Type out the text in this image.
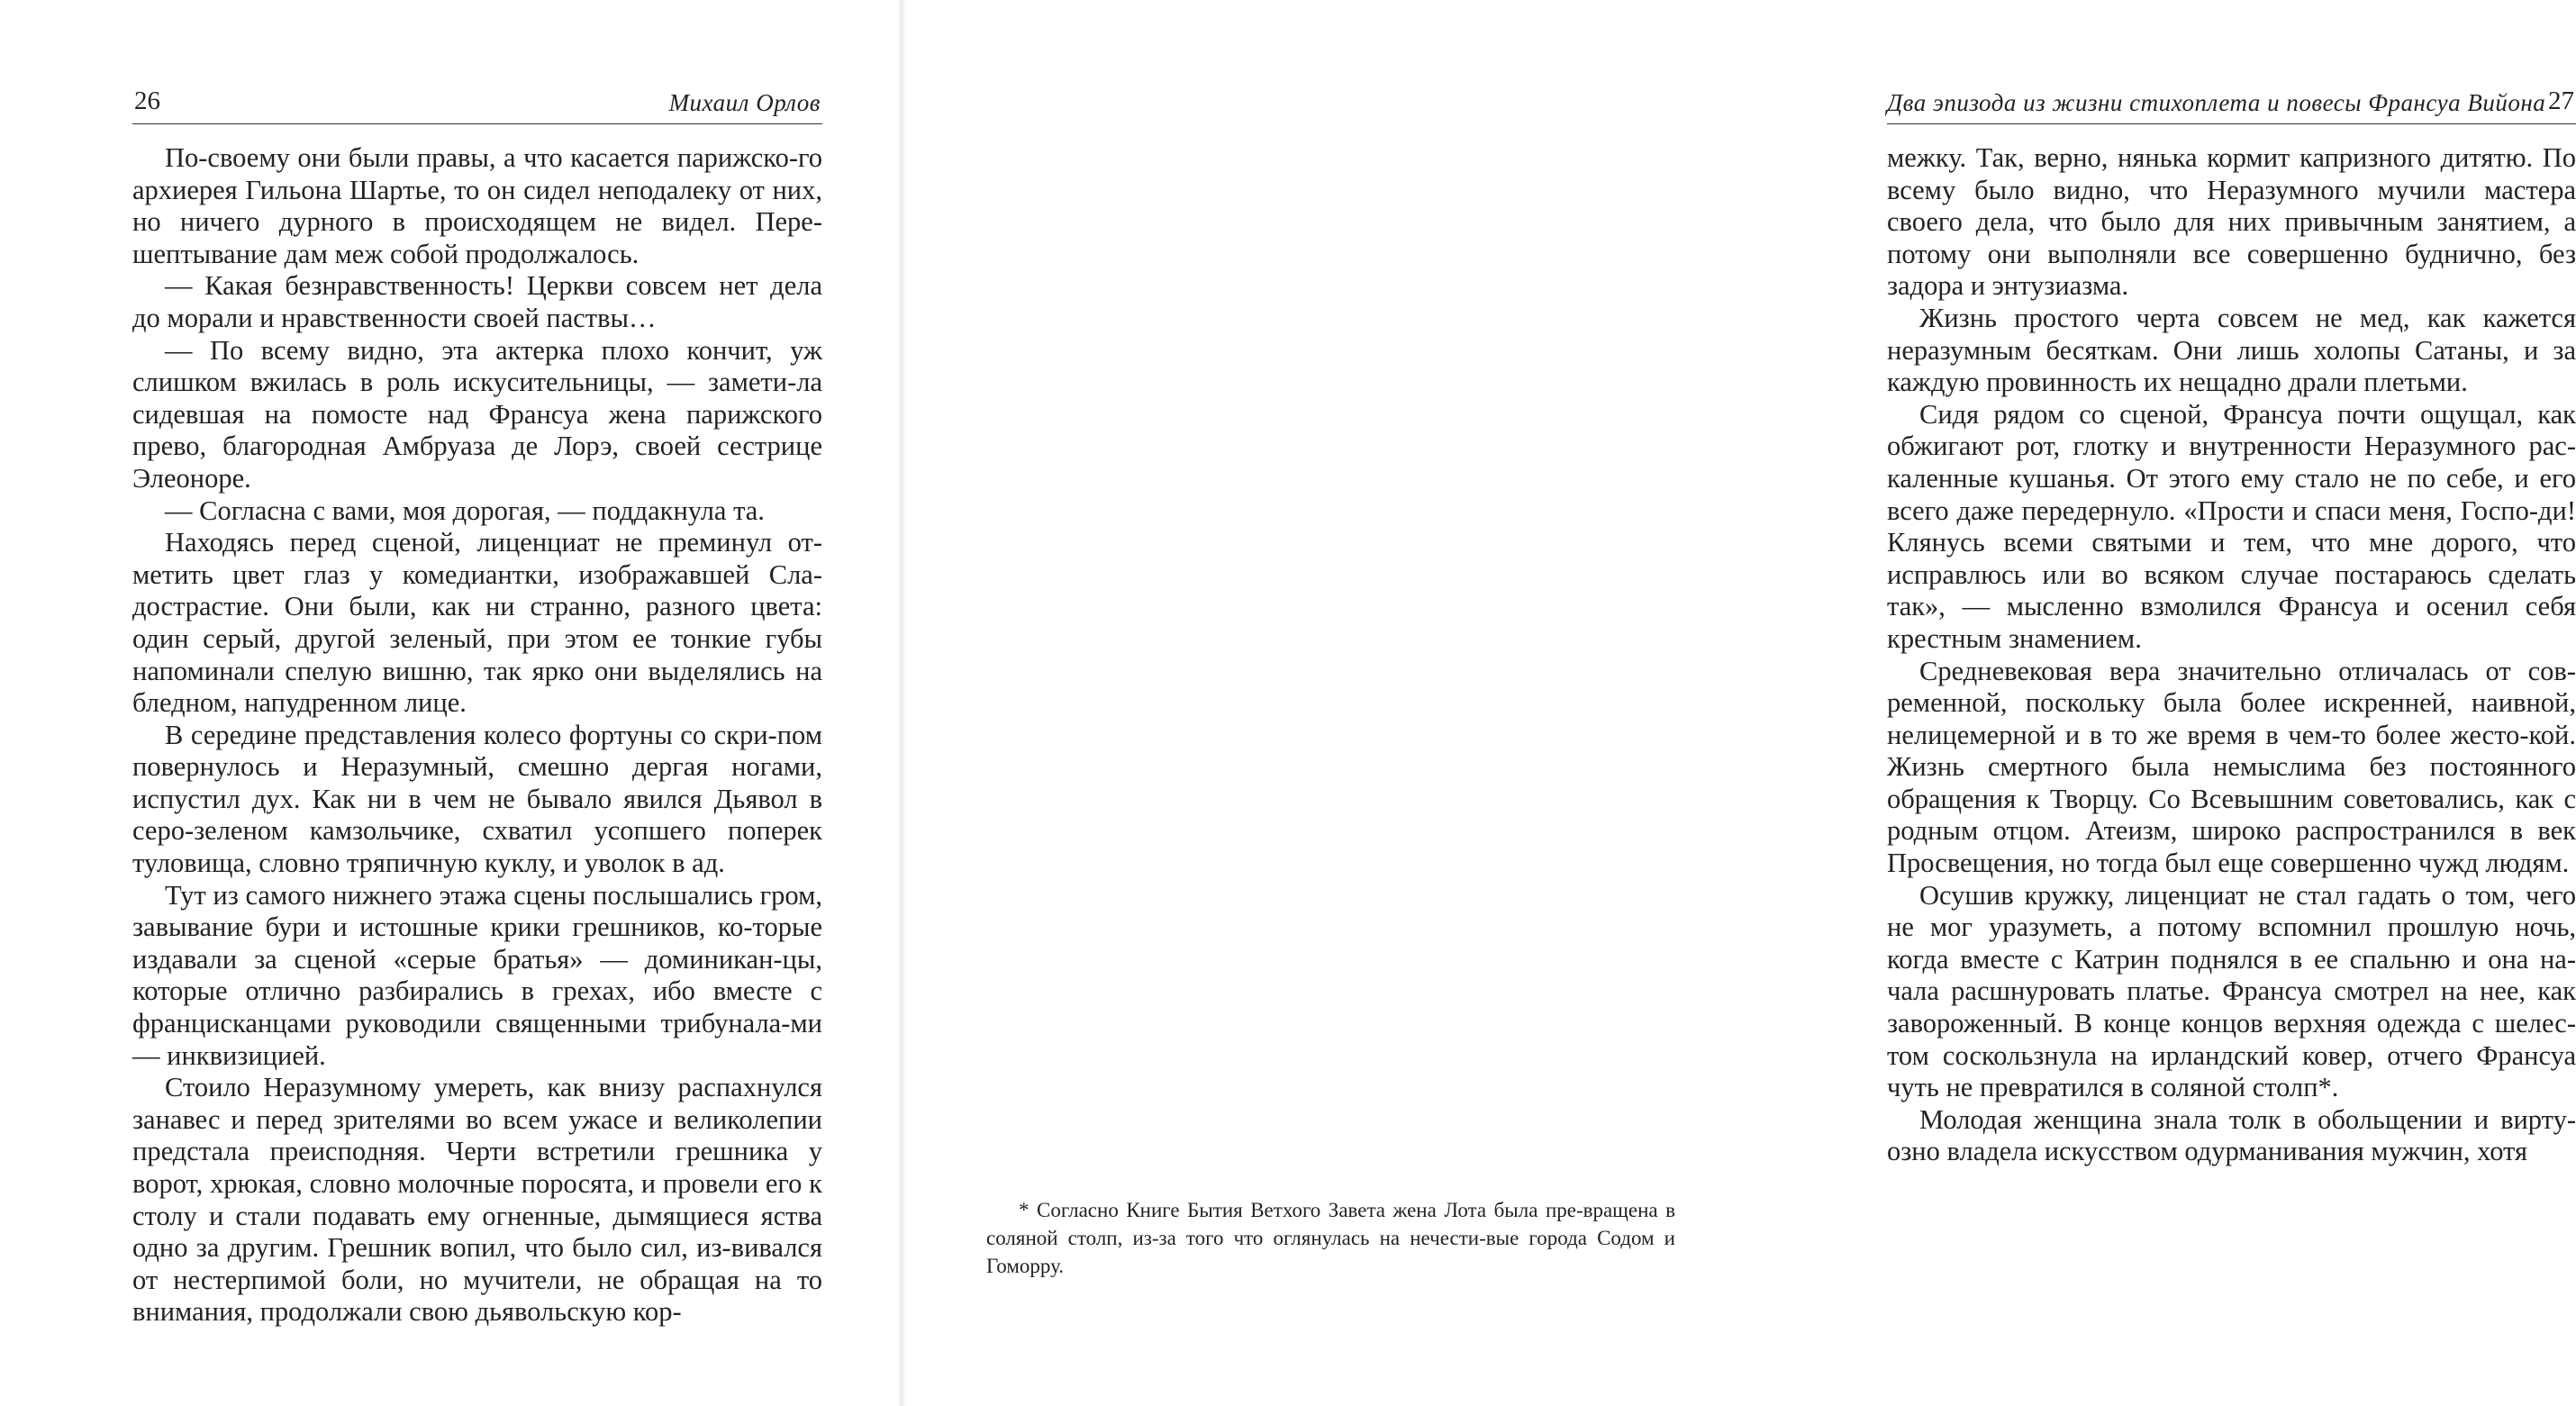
26	Михаил Орлов

По-своему они были правы, а что касается парижско-го архиерея Гильона Шартье, то он сидел неподалеку от них, но ничего дурного в происходящем не видел. Пере-шептывание дам меж собой продолжалось.

— Какая безнравственность! Церкви совсем нет дела до морали и нравственности своей паствы…

— По всему видно, эта актерка плохо кончит, уж слишком вжилась в роль искусительницы, — замети-ла сидевшая на помосте над Франсуа жена парижского прево, благородная Амбруаза де Лорэ, своей сестрице Элеоноре.

— Согласна с вами, моя дорогая, — поддакнула та.

Находясь перед сценой, лиценциат не преминул от-метить цвет глаз у комедиантки, изображавшей Сла-дострастие. Они были, как ни странно, разного цвета: один серый, другой зеленый, при этом ее тонкие губы напоминали спелую вишню, так ярко они выделялись на бледном, напудренном лице.

В середине представления колесо фортуны со скри-пом повернулось и Неразумный, смешно дергая ногами, испустил дух. Как ни в чем не бывало явился Дьявол в серо-зеленом камзольчике, схватил усопшего поперек туловища, словно тряпичную куклу, и уволок в ад.

Тут из самого нижнего этажа сцены послышались гром, завывание бури и истошные крики грешников, ко-торые издавали за сценой «серые братья» — доминикан-цы, которые отлично разбирались в грехах, ибо вместе с францисканцами руководили священными трибунала-ми — инквизицией.

Стоило Неразумному умереть, как внизу распахнулся занавес и перед зрителями во всем ужасе и великолепии предстала преисподняя. Черти встретили грешника у ворот, хрюкая, словно молочные поросята, и провели его к столу и стали подавать ему огненные, дымящиеся яства одно за другим. Грешник вопил, что было сил, из-вивался от нестерпимой боли, но мучители, не обращая на то внимания, продолжали свою дьявольскую кор-

Два эпизода из жизни стихоплета и повесы Франсуа Вийона 27

межку. Так, верно, нянька кормит капризного дитятю. По всему было видно, что Неразумного мучили мастера своего дела, что было для них привычным занятием, а потому они выполняли все совершенно буднично, без задора и энтузиазма.

Жизнь простого черта совсем не мед, как кажется неразумным бесяткам. Они лишь холопы Сатаны, и за каждую провинность их нещадно драли плетьми.

Сидя рядом со сценой, Франсуа почти ощущал, как обжигают рот, глотку и внутренности Неразумного рас-каленные кушанья. От этого ему стало не по себе, и его всего даже передернуло. «Прости и спаси меня, Госпо-ди! Клянусь всеми святыми и тем, что мне дорого, что исправлюсь или во всяком случае постараюсь сделать так», — мысленно взмолился Франсуа и осенил себя крестным знамением.

Средневековая вера значительно отличалась от сов-ременной, поскольку была более искренней, наивной, нелицемерной и в то же время в чем-то более жесто-кой. Жизнь смертного была немыслима без постоянного обращения к Творцу. Со Всевышним советовались, как с родным отцом. Атеизм, широко распространился в век Просвещения, но тогда был еще совершенно чужд людям.

Осушив кружку, лиценциат не стал гадать о том, чего не мог уразуметь, а потому вспомнил прошлую ночь, когда вместе с Катрин поднялся в ее спальню и она на-чала расшнуровать платье. Франсуа смотрел на нее, как завороженный. В конце концов верхняя одежда с шелес-том соскользнула на ирландский ковер, отчего Франсуа чуть не превратился в соляной столп*.

Молодая женщина знала толк в обольщении и вирту-озно владела искусством одурманивания мужчин, хотя

* Согласно Книге Бытия Ветхого Завета жена Лота была пре-вращена в соляной столп, из-за того что оглянулась на нечести-вые города Содом и Гоморру.
